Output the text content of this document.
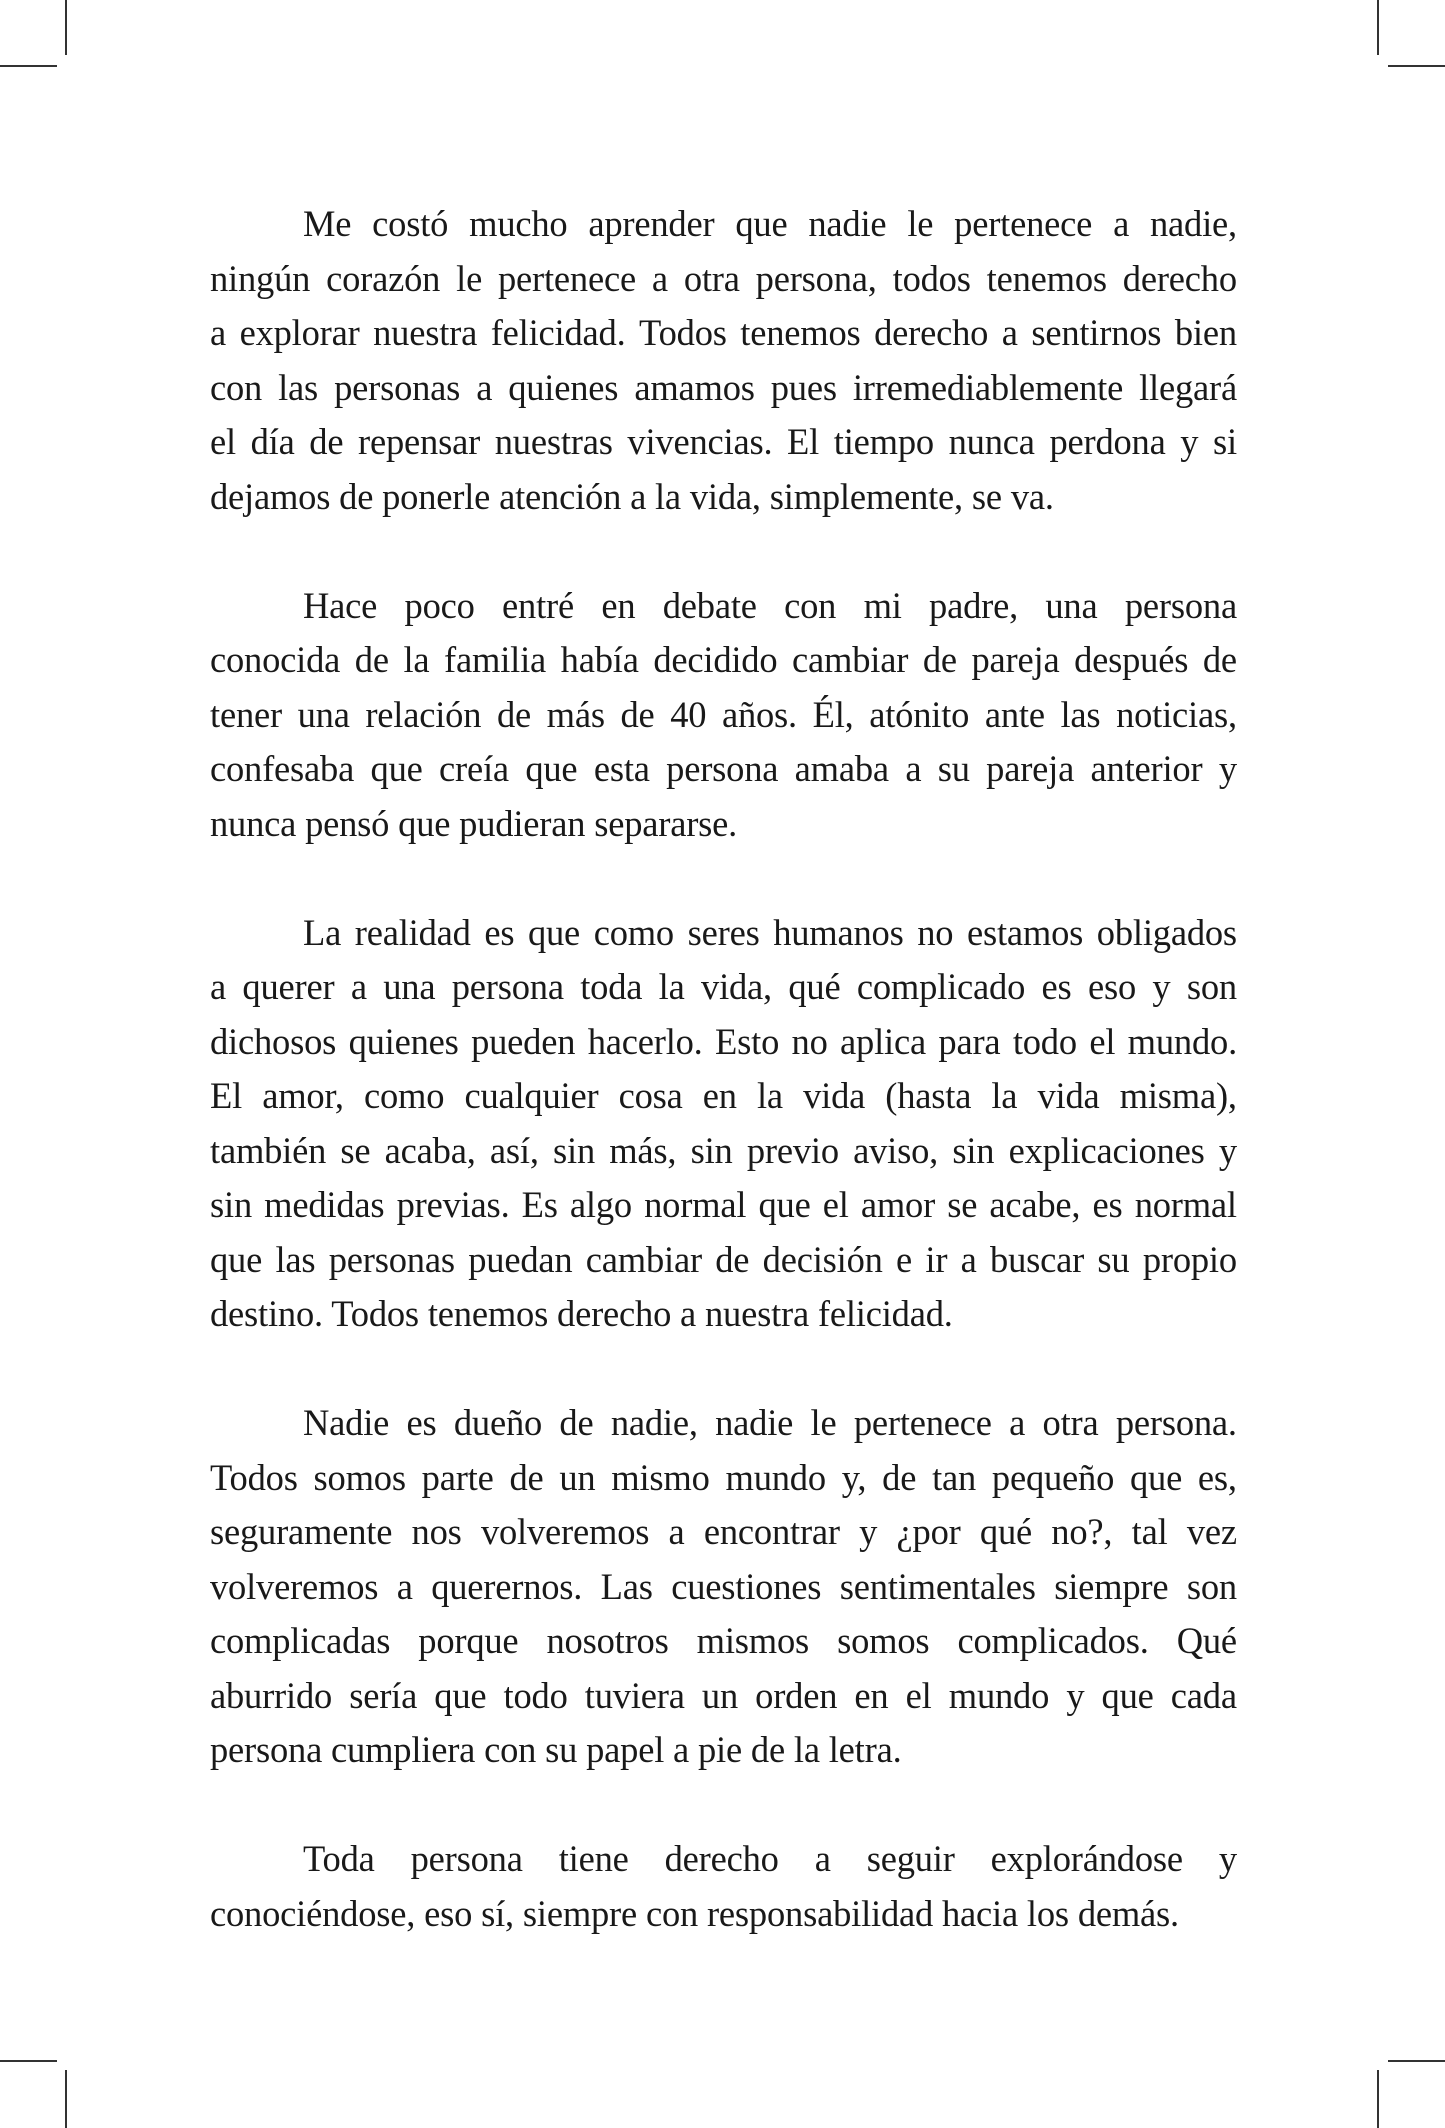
Me costó mucho aprender que nadie le pertenece a nadie,
ningún corazón le pertenece a otra persona, todos tenemos derecho
a explorar nuestra felicidad. Todos tenemos derecho a sentirnos bien
con las personas a quienes amamos pues irremediablemente llegará
el día de repensar nuestras vivencias. El tiempo nunca perdona y si
dejamos de ponerle atención a la vida, simplemente, se va.
Hace poco entré en debate con mi padre, una persona
conocida de la familia había decidido cambiar de pareja después de
tener una relación de más de 40 años. Él, atónito ante las noticias,
confesaba que creía que esta persona amaba a su pareja anterior y
nunca pensó que pudieran separarse.
La realidad es que como seres humanos no estamos obligados
a querer a una persona toda la vida, qué complicado es eso y son
dichosos quienes pueden hacerlo. Esto no aplica para todo el mundo.
El amor, como cualquier cosa en la vida (hasta la vida misma),
también se acaba, así, sin más, sin previo aviso, sin explicaciones y
sin medidas previas. Es algo normal que el amor se acabe, es normal
que las personas puedan cambiar de decisión e ir a buscar su propio
destino. Todos tenemos derecho a nuestra felicidad.
Nadie es dueño de nadie, nadie le pertenece a otra persona.
Todos somos parte de un mismo mundo y, de tan pequeño que es,
seguramente nos volveremos a encontrar y ¿por qué no?, tal vez
volveremos a querernos. Las cuestiones sentimentales siempre son
complicadas porque nosotros mismos somos complicados. Qué
aburrido sería que todo tuviera un orden en el mundo y que cada
persona cumpliera con su papel a pie de la letra.
Toda persona tiene derecho a seguir explorándose y
conociéndose, eso sí, siempre con responsabilidad hacia los demás.
